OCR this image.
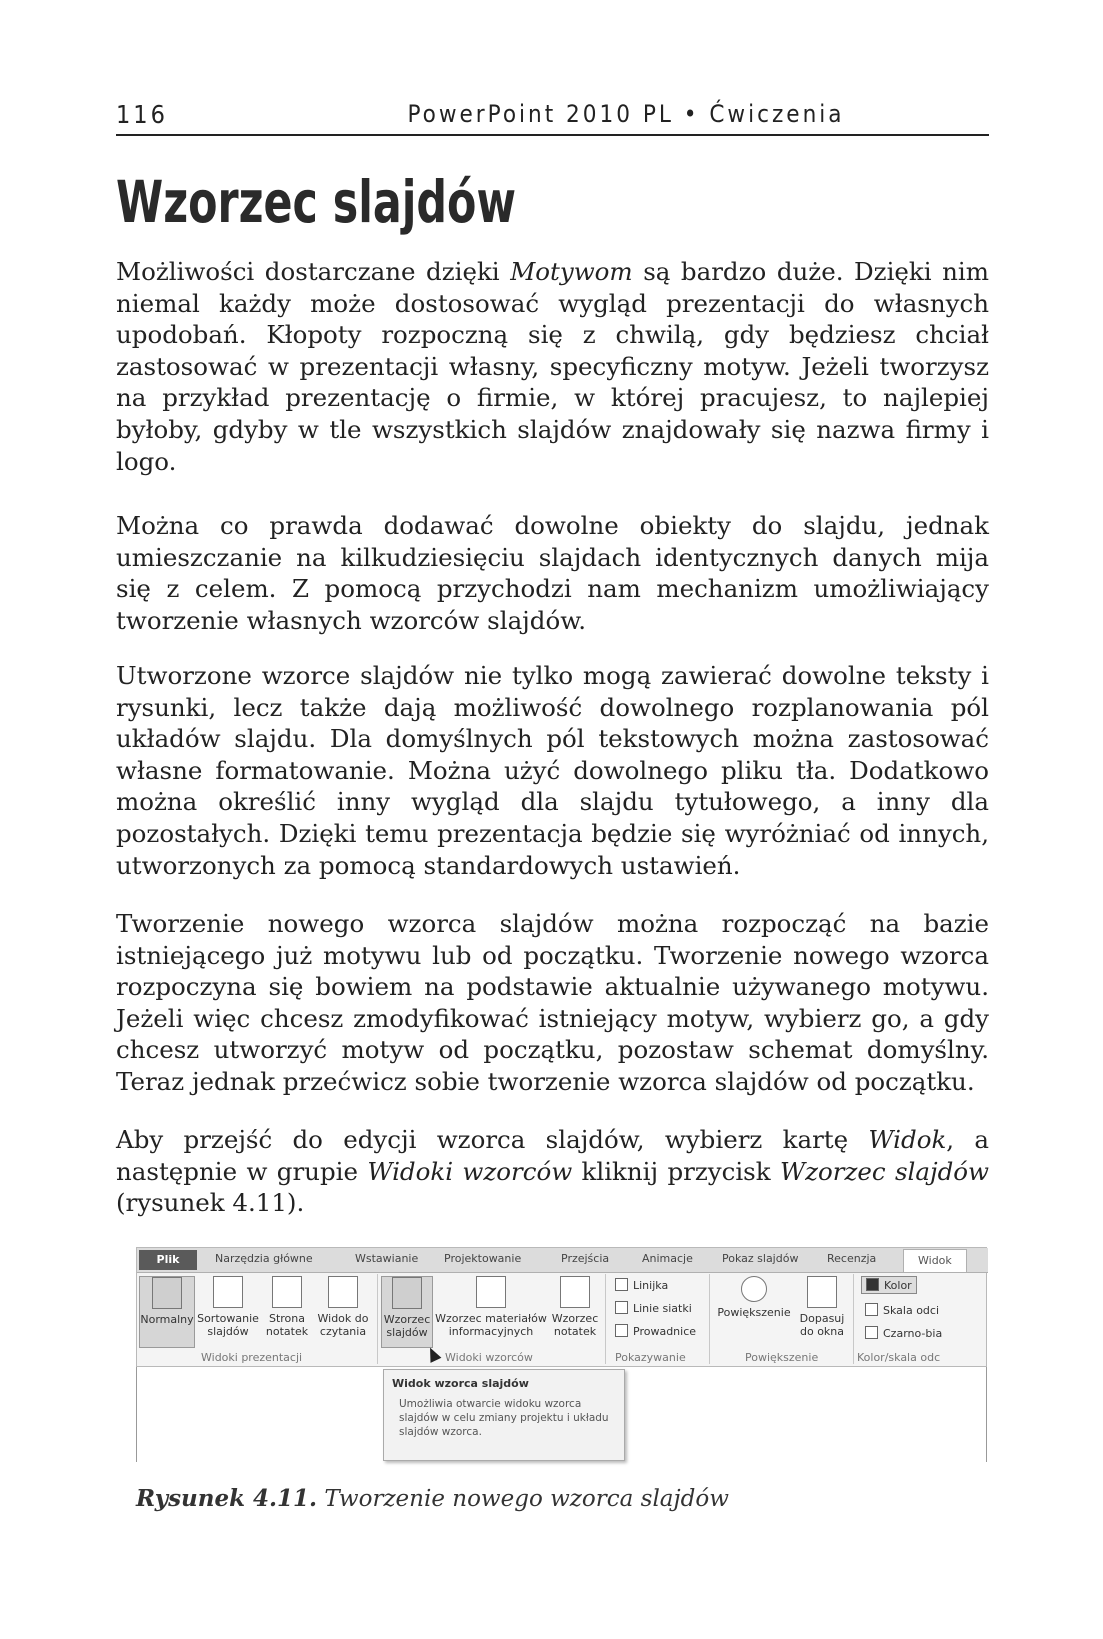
116	PowerPoint 2010 PL • Ćwiczenia
Wzorzec slajdów

Możliwości dostarczane dzięki Motywom są bardzo duże. Dzięki nim niemal każdy może dostosować wygląd prezentacji do własnych upodobań. Kłopoty rozpoczną się z chwilą, gdy będziesz chciał zastosować w prezentacji własny, specyficzny motyw. Jeżeli tworzysz na przykład prezentację o firmie, w której pracujesz, to najlepiej byłoby, gdyby w tle wszystkich slajdów znajdowały się nazwa firmy i logo.

Można co prawda dodawać dowolne obiekty do slajdu, jednak umieszczanie na kilkudziesięciu slajdach identycznych danych mija się z celem. Z pomocą przychodzi nam mechanizm umożliwiający tworzenie własnych wzorców slajdów.

Utworzone wzorce slajdów nie tylko mogą zawierać dowolne teksty i rysunki, lecz także dają możliwość dowolnego rozplanowania pól układów slajdu. Dla domyślnych pól tekstowych można zastosować własne formatowanie. Można użyć dowolnego pliku tła. Dodatkowo można określić inny wygląd dla slajdu tytułowego, a inny dla pozostałych. Dzięki temu prezentacja będzie się wyróżniać od innych, utworzonych za pomocą standardowych ustawień.

Tworzenie nowego wzorca slajdów można rozpocząć na bazie istniejącego już motywu lub od początku. Tworzenie nowego wzorca rozpoczyna się bowiem na podstawie aktualnie używanego motywu. Jeżeli więc chcesz zmodyfikować istniejący motyw, wybierz go, a gdy chcesz utworzyć motyw od początku, pozostaw schemat domyślny. Teraz jednak przećwicz sobie tworzenie wzorca slajdów od początku.

Aby przejść do edycji wzorca slajdów, wybierz kartę Widok, a następnie w grupie Widoki wzorców kliknij przycisk Wzorzec slajdów (rysunek 4.11).

Plik	Narzędzia główne	Wstawianie Projektowanie	Przejścia	Animacje	Pokaz slajdów	Recenzja	Widok
Normalny Sortowanie
slajdów
Strona
notatek
Widok do
czytania
Widoki prezentacji
Wzorzec
slajdów
Wzorzec materiałów
informacyjnych
Wzorzec
notatek
Widoki wzorców
Linijka
Linie siatki
Prowadnice
Pokazywanie
Powiększenie Dopasuj
do okna
Powiększenie
Kolor
Skala odci
Czarno-bia
Kolor/skala odc
Widok wzorca slajdów
Umożliwia otwarcie widoku wzorca slajdów w celu zmiany projektu i układu slajdów wzorca.
Rysunek 4.11. Tworzenie nowego wzorca slajdów
